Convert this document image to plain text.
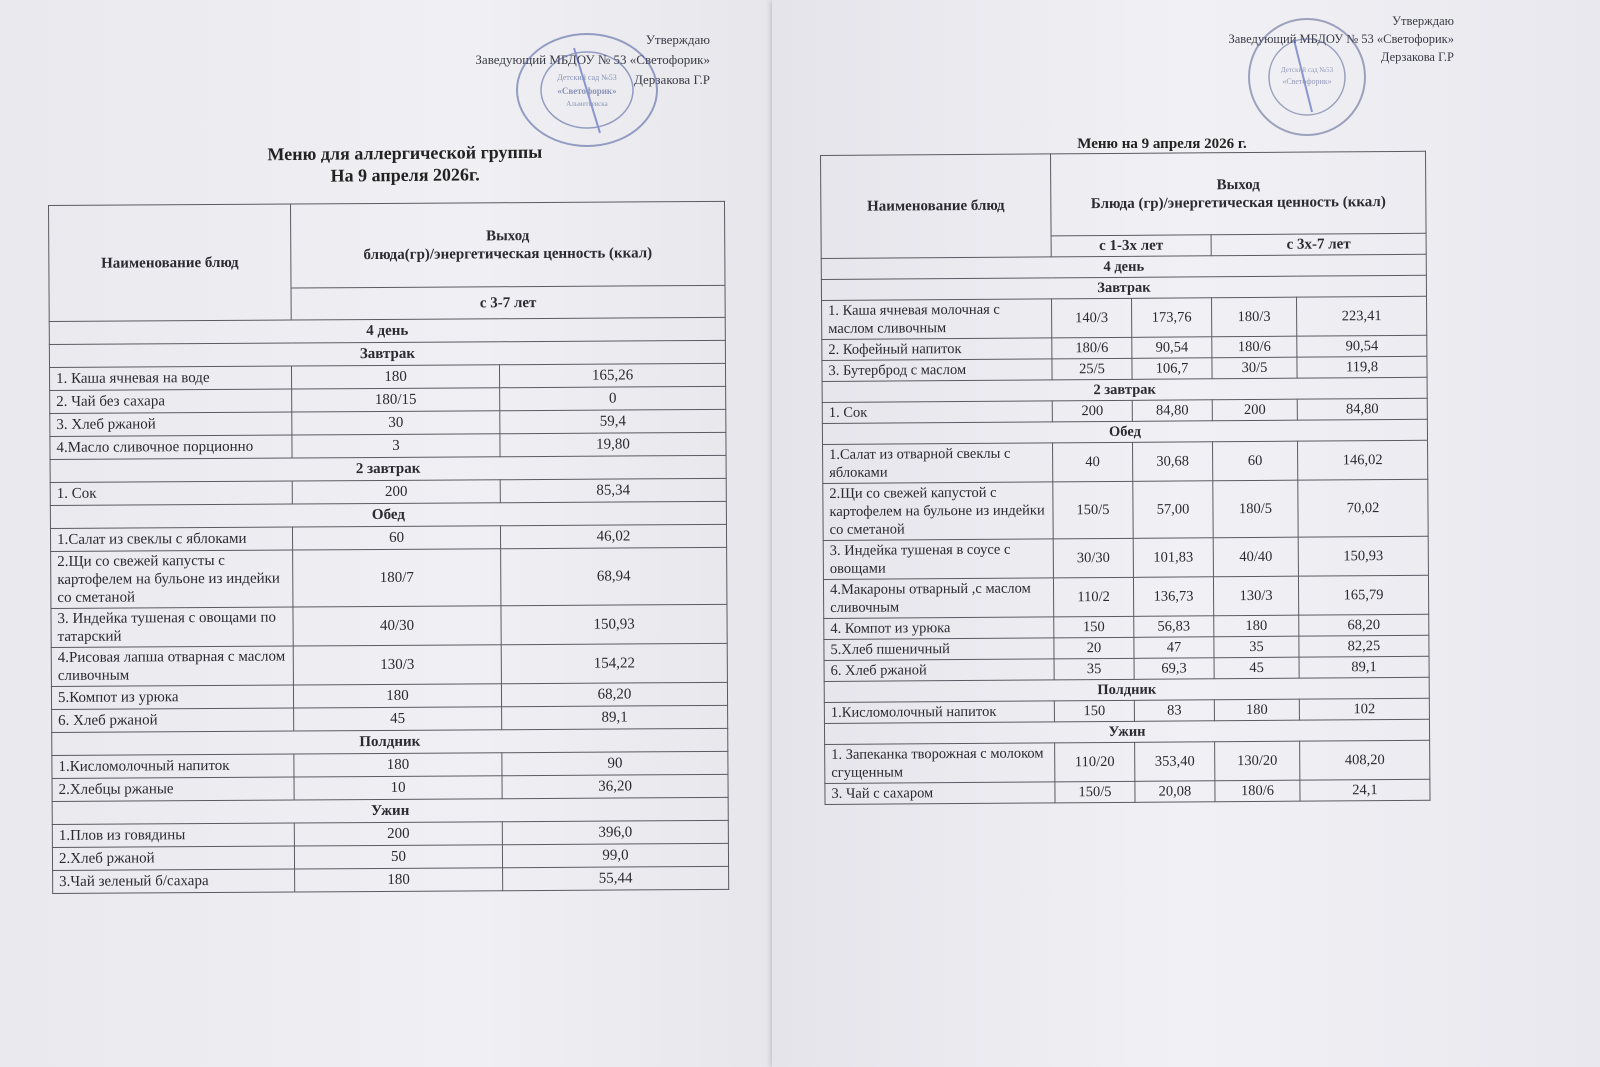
Утверждаю
Заведующий МБДОУ № 53 «Светофорик»
Дерзакова Г.Р
Детский сад №53
«Светофорик»
Альметьевска
Меню для аллергической группы
На 9 апреля 2026г.
Наименование блюд	Выход
блюда(гр)/энергетическая ценность (ккал)	
	с 3-7 лет	
4 день		
Завтрак		
1. Каша ячневая на воде	180	165,26
2. Чай без сахара	180/15	0
3. Хлеб ржаной	30	59,4
4.Масло сливочное порционно	3	19,80
2 завтрак		
1. Сок	200	85,34
Обед		
1.Салат из свеклы с яблоками	60	46,02
2.Щи со свежей капусты с картофелем на бульоне из индейки со сметаной	180/7	68,94
3. Индейка тушеная с овощами по татарский	40/30	150,93
4.Рисовая лапша отварная с маслом сливочным	130/3	154,22
5.Компот из урюка	180	68,20
6. Хлеб ржаной	45	89,1
Полдник		
1.Кисломолочный напиток	180	90
2.Хлебцы ржаные	10	36,20
Ужин		
1.Плов из говядины	200	396,0
2.Хлеб ржаной	50	99,0
3.Чай зеленый б/сахара	180	55,44
Утверждаю
Заведующий МБДОУ № 53 «Светофорик»
Дерзакова Г.Р
Детский сад №53
«Светофорик»
Меню на 9 апреля 2026 г.
Наименование блюд	Выход
Блюда (гр)/энергетическая ценность (ккал)			
	с 1-3х лет		с 3х-7 лет	
4 день				
Завтрак				
1. Каша ячневая молочная с маслом сливочным	140/3	173,76	180/3	223,41
2. Кофейный напиток	180/6	90,54	180/6	90,54
3. Бутерброд с маслом	25/5	106,7	30/5	119,8
2 завтрак				
1. Сок	200	84,80	200	84,80
Обед				
1.Салат из отварной свеклы с яблоками	40	30,68	60	146,02
2.Щи со свежей капустой с картофелем на бульоне из индейки со сметаной	150/5	57,00	180/5	70,02
3. Индейка тушеная в соусе с овощами	30/30	101,83	40/40	150,93
4.Макароны отварный ,с маслом сливочным	110/2	136,73	130/3	165,79
4. Компот из урюка	150	56,83	180	68,20
5.Хлеб пшеничный	20	47	35	82,25
6. Хлеб ржаной	35	69,3	45	89,1
Полдник				
1.Кисломолочный напиток	150	83	180	102
Ужин				
1. Запеканка творожная с молоком сгущенным	110/20	353,40	130/20	408,20
3. Чай с сахаром	150/5	20,08	180/6	24,1
